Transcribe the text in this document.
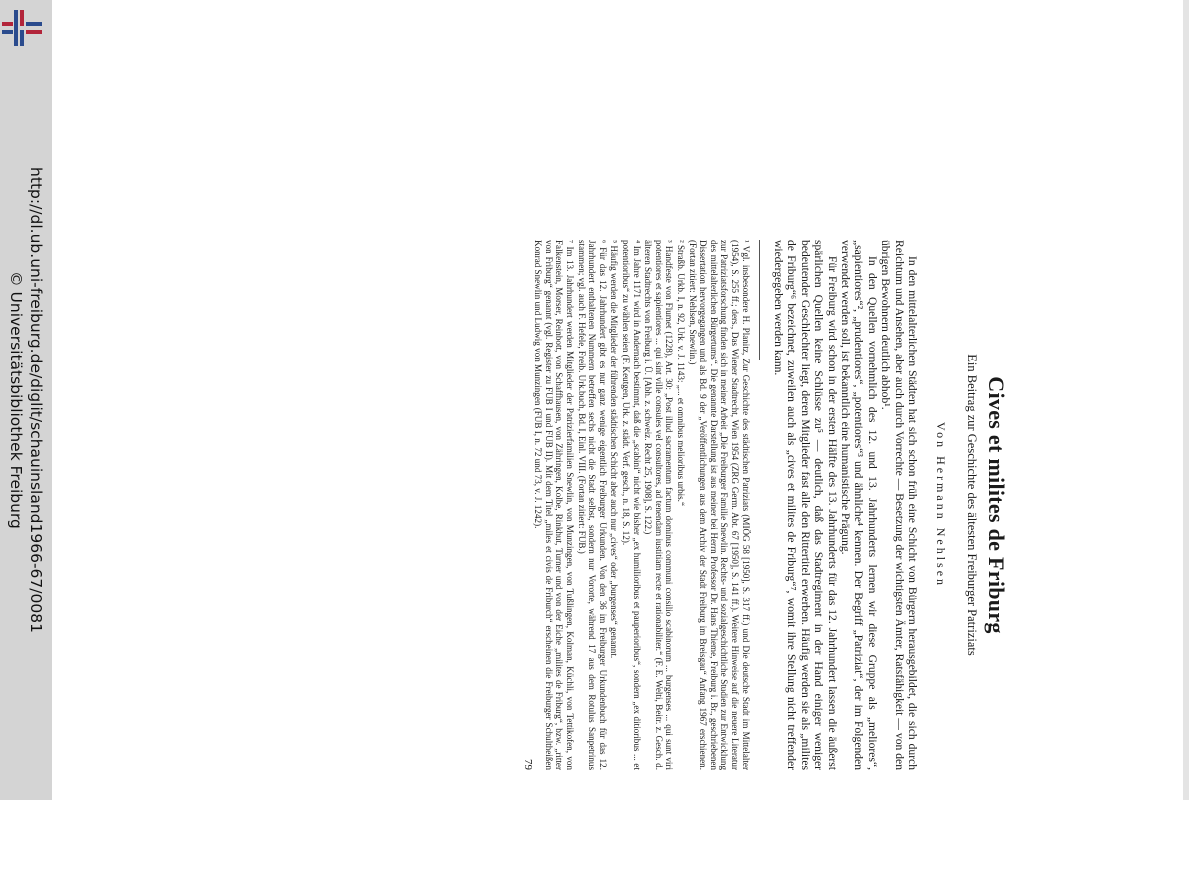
http://dl.ub.uni-freiburg.de/diglit/schauinsland1966-67/0081
© Universitätsbibliothek Freiburg	Cives et milites de Friburg
Ein Beitrag zur Geschichte des ältesten Freiburger Patriziats
Von Hermann Nehlsen

In den mittelalterlichen Städten hat sich schon früh eine Schicht von Bürgern herausgebildet, die sich durch Reichtum und Ansehen, aber auch durch Vorrechte — Besetzung der wichtigsten Ämter, Ratsfähigkeit — von den übrigen Bewohnern deutlich abhob¹.

In den Quellen vornehmlich des 12. und 13. Jahrhunderts lernen wir diese Gruppe als „meliores“, „sapientiores“², „prudentiores“, „potentiores“³ und ähnliche⁴ kennen. Der Begriff „Patriziat“, der im Folgenden verwendet werden soll, ist bekanntlich eine humanistische Prägung.

Für Freiburg wird schon in der ersten Hälfte des 13. Jahrhunderts für das 12. Jahrhundert lassen die äußerst spärlichen Quellen keine Schlüsse zu⁵ — deutlich, daß das Stadtregiment in der Hand einiger weniger bedeutender Geschlechter liegt, deren Mitglieder fast alle den Rittertitel erwerben. Häufig werden sie als „milites de Friburg“⁶ bezeichnet, zuweilen auch als „cives et milites de Friburg“⁷, womit ihre Stellung nicht treffender wiedergegeben werden kann.

¹ Vgl. insbesondere H. Planitz, Zur Geschichte des städtischen Patriziats (MIÖG 58 [1950], S. 317 ff.) und Die deutsche Stadt im Mittelalter (1954), S. 255 ff.; ders., Das Wiener Stadtrecht, Wien 1954 (ZRG Germ. Abt. 67 [1950], S. 141 ff.). Weitere Hinweise auf die neuere Literatur zur Patriziatsforschung finden sich in meiner Arbeit „Die Freiburger Familie Snewlin. Rechts- und sozialgeschichtliche Studien zur Entwicklung des mittelalterlichen Bürgertums“. Die genannte Darstellung ist aus meiner bei Herrn Professor Dr. Hans Thieme, Freiburg i. Br., geschriebenen Dissertation hervorgegangen und als Bd. 9 der „Veröffentlichungen aus dem Archiv der Stadt Freiburg im Breisgau“ Anfang 1967 erschienen. (Fortan zitiert: Nehlsen, Snewlin.)

² Straßb. Urkb. I, n. 92, Urk. v. J. 1143: „... et omnibus melioribus urbis.“

³ Handfeste von Flumet (1228), Art. 30: „Post illud sacramentum factum dominus communi consilio scabinorum ... burgenses ... qui sunt viri potentiores et sapientiores ... qui sint ville consules vel consultores, ad tenendam iustitiam recte et rationabiliter.“ (F. E. Welti, Beitr. z. Gesch. d. älteren Stadtrechts von Freiburg i. Ü. [Abh. z. schweiz. Recht 25, 1908], S. 122.)

⁴ Im Jahre 1171 wird in Andernach bestimmt, daß die „scabini“ nicht wie bisher „ex humilioribus et pauperioribus“, sondern „ex ditioribus ... et potentioribus“ zu wählen seien (F. Keutgen, Urk. z. städt. Verf. gesch., n. 18, S. 12).

⁵ Häufig werden die Mitglieder der führenden städtischen Schicht aber auch nur „cives“ oder „burgenses“ genannt.

⁶ Für das 12. Jahrhundert gibt es nur ganz wenige eigentlich Freiburger Urkunden. Von den 36 im Freiburger Urkundenbuch für das 12. Jahrhundert enthaltenen Nummern betreffen sechs nicht die Stadt selbst, sondern nur Vororte, während 17 aus dem Rotulus Sanpetrinus stammen; vgl. auch F. Hefele, Freib. Urk.buch, Bd. I, Einl. VIII. (Fortan zitiert: FUB.)

⁷ Im 13. Jahrhundert werden Mitglieder der Patrizierfamilien Snewlin, von Munzingen, von Tußlingen, Kolman, Küchli, von Tettikofen, von Falkenstein, Morser, Reinbott, von Schaffhausen, von Zähringen, Kolbe, Rinkhut, Turner und von der Eiche „milites de Friburg“, bzw. „ritter von Friburg“ genannt (vgl. Register zu FUB I und FUB II). Mit dem Titel „miles et civis de Friburch“ erscheinen die Freiburger Schultheißen Konrad Snewlin und Ludwig von Munzingen (FUB I, n. 72 und 73, v. J. 1242).

79
